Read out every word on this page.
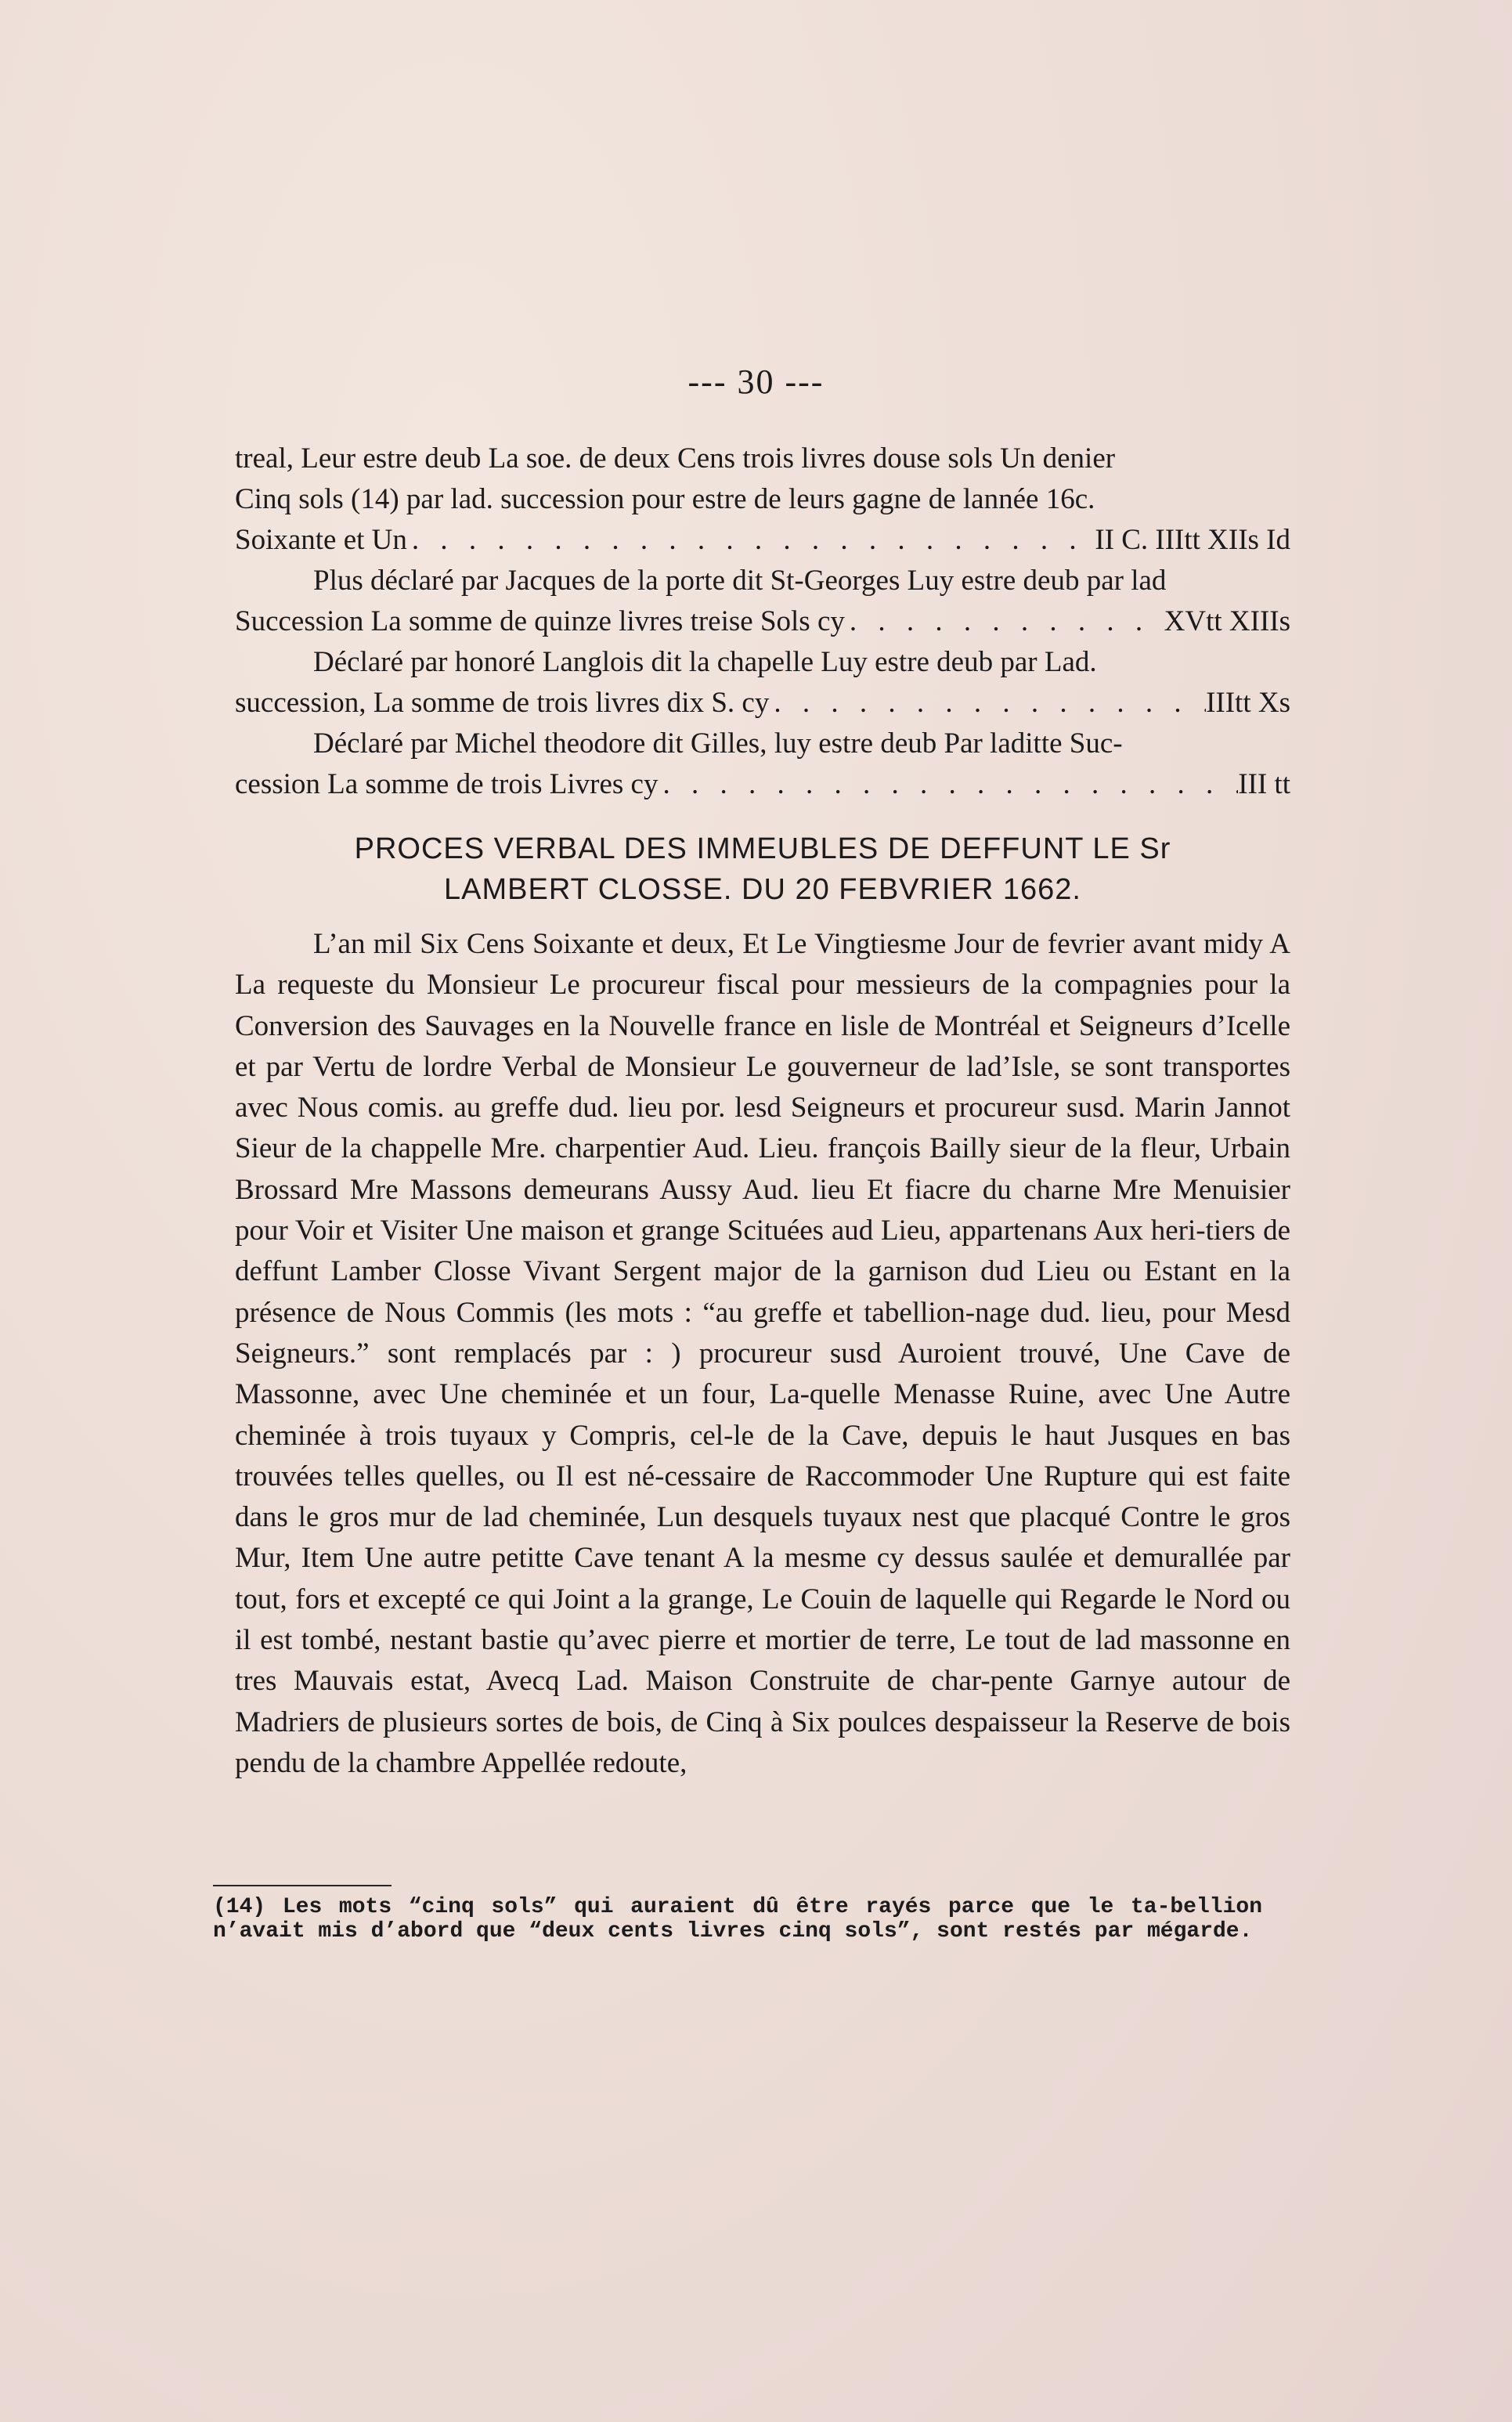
--- 30 ---
treal, Leur estre deub La soe. de deux Cens trois livres douse sols Un denier
Cinq sols (14) par lad. succession pour estre de leurs gagne de lannée 16c.
Soixante et Un . . .	II C. IIItt XIIs Id
Plus déclaré par Jacques de la porte dit St-Georges Luy estre deub par lad
Succession La somme de quinze livres treise Sols cy . . .	XVtt XIIIs
Déclaré par honoré Langlois dit la chapelle Luy estre deub par Lad.
succession, La somme de trois livres dix S. cy . . .	IIItt Xs
Déclaré par Michel theodore dit Gilles, luy estre deub Par laditte Suc-
cession La somme de trois Livres cy . . .	III tt
PROCES VERBAL DES IMMEUBLES DE DEFFUNT LE Sr
LAMBERT CLOSSE. DU 20 FEBVRIER 1662.
L’an mil Six Cens Soixante et deux, Et Le Vingtiesme Jour de fevrier avant midy A La requeste du Monsieur Le procureur fiscal pour messieurs de la compagnies pour la Conversion des Sauvages en la Nouvelle france en lisle de Montréal et Seigneurs d’Icelle et par Vertu de lordre Verbal de Monsieur Le gouverneur de lad’Isle, se sont transportes avec Nous comis. au greffe dud. lieu por. lesd Seigneurs et procureur susd. Marin Jannot Sieur de la chappelle Mre. charpentier Aud. Lieu. françois Bailly sieur de la fleur, Urbain Brossard Mre Massons demeurans Aussy Aud. lieu Et fiacre du charne Mre Menuisier pour Voir et Visiter Une maison et grange Scituées aud Lieu, appartenans Aux heri-tiers de deffunt Lamber Closse Vivant Sergent major de la garnison dud Lieu ou Estant en la présence de Nous Commis (les mots : “au greffe et tabellion-nage dud. lieu, pour Mesd Seigneurs.” sont remplacés par : ) procureur susd Auroient trouvé, Une Cave de Massonne, avec Une cheminée et un four, La-quelle Menasse Ruine, avec Une Autre cheminée à trois tuyaux y Compris, cel-le de la Cave, depuis le haut Jusques en bas trouvées telles quelles, ou Il est né-cessaire de Raccommoder Une Rupture qui est faite dans le gros mur de lad cheminée, Lun desquels tuyaux nest que placqué Contre le gros Mur, Item Une autre petitte Cave tenant A la mesme cy dessus saulée et demurallée par tout, fors et excepté ce qui Joint a la grange, Le Couin de laquelle qui Regarde le Nord ou il est tombé, nestant bastie qu’avec pierre et mortier de terre, Le tout de lad massonne en tres Mauvais estat, Avecq Lad. Maison Construite de char-pente Garnye autour de Madriers de plusieurs sortes de bois, de Cinq à Six poulces despaisseur la Reserve de bois pendu de la chambre Appellée redoute,
(14) Les mots “cinq sols” qui auraient dû être rayés parce que le ta-bellion n’avait mis d’abord que “deux cents livres cinq sols”, sont restés par mégarde.
